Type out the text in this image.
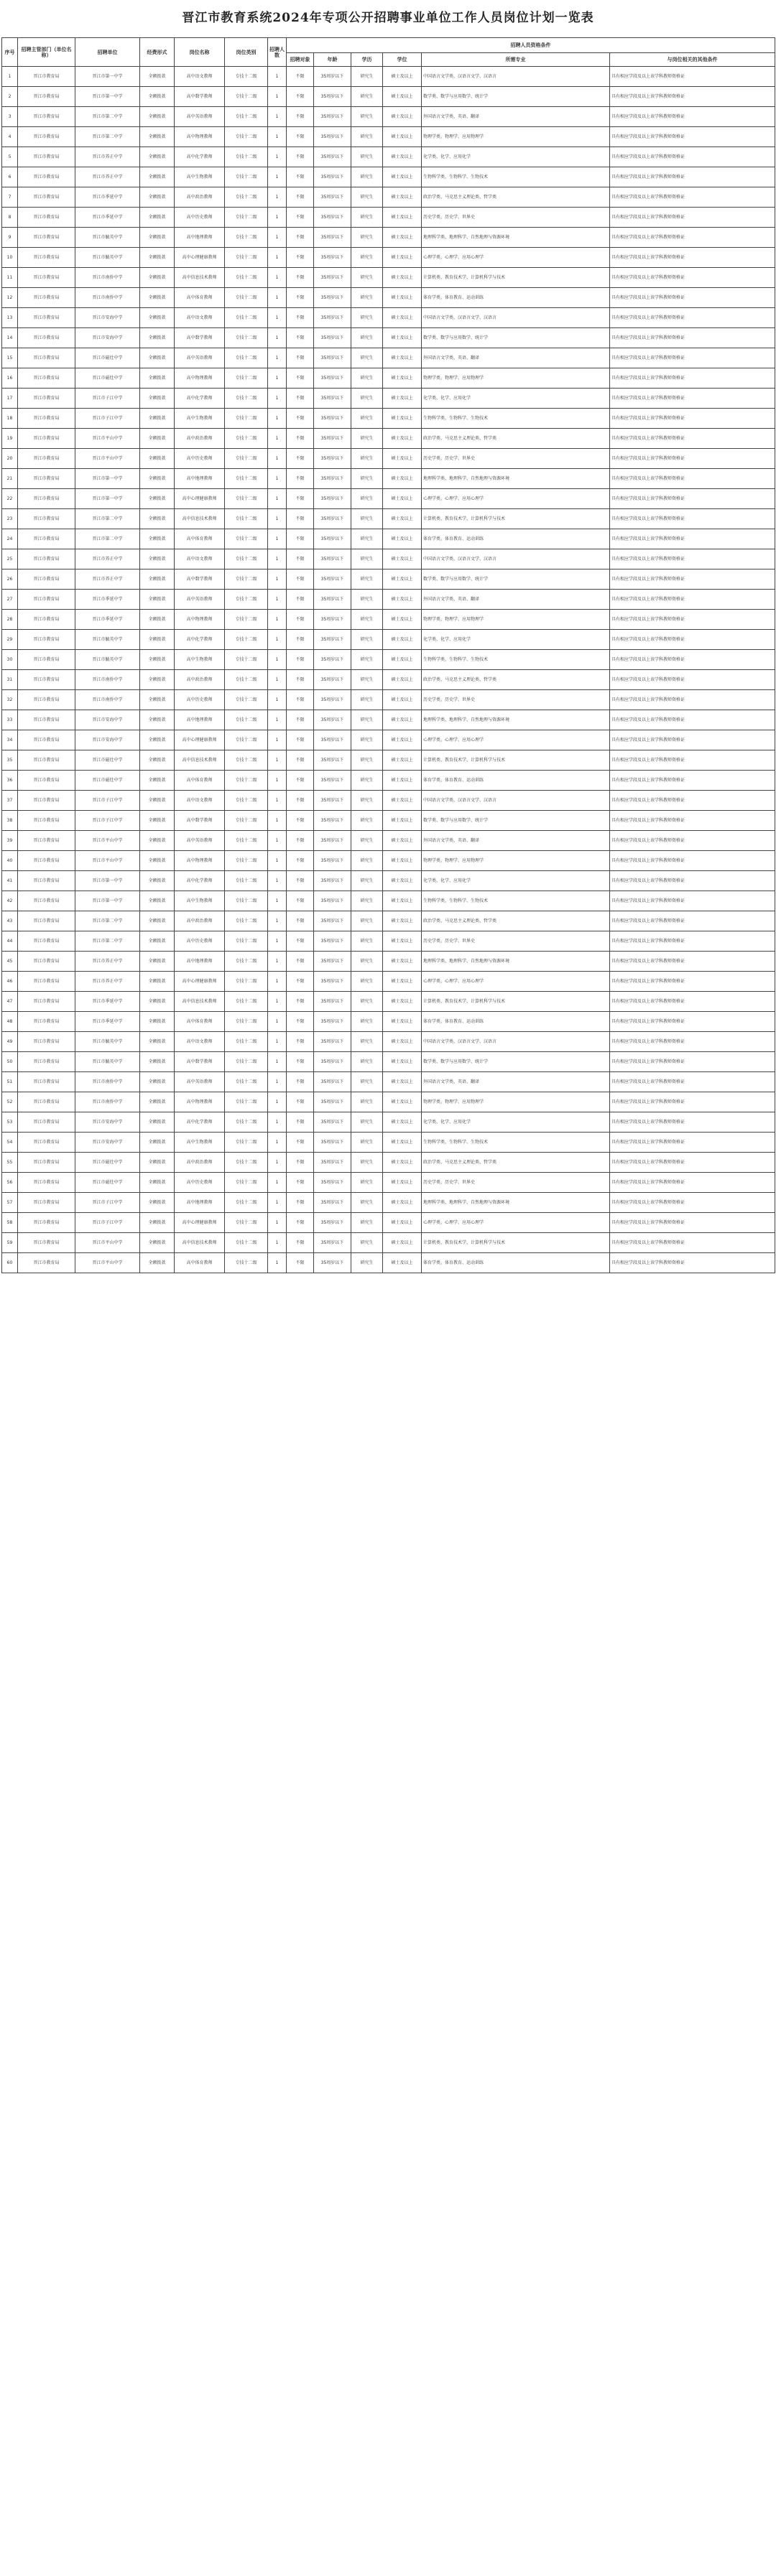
晋江市教育系统2024年专项公开招聘事业单位工作人员岗位计划一览表
序号	招聘主管部门（单位名称）	招聘单位	经费形式	岗位名称	岗位类别	招聘人数	招聘人员资格条件					
							招聘对象	年龄	学历	学位	所需专业	与岗位相关的其他条件
1	晋江市教育局	晋江市第一中学	全额拨款	高中语文教师	专技十二级	1	不限	35周岁以下	研究生	硕士及以上	中国语言文学类、汉语言文学、汉语言	具有相应学段及以上该学科教师资格证
2	晋江市教育局	晋江市第一中学	全额拨款	高中数学教师	专技十二级	1	不限	35周岁以下	研究生	硕士及以上	数学类、数学与应用数学、统计学	具有相应学段及以上该学科教师资格证
3	晋江市教育局	晋江市第二中学	全额拨款	高中英语教师	专技十二级	1	不限	35周岁以下	研究生	硕士及以上	外国语言文学类、英语、翻译	具有相应学段及以上该学科教师资格证
4	晋江市教育局	晋江市第二中学	全额拨款	高中物理教师	专技十二级	1	不限	35周岁以下	研究生	硕士及以上	物理学类、物理学、应用物理学	具有相应学段及以上该学科教师资格证
5	晋江市教育局	晋江市养正中学	全额拨款	高中化学教师	专技十二级	1	不限	35周岁以下	研究生	硕士及以上	化学类、化学、应用化学	具有相应学段及以上该学科教师资格证
6	晋江市教育局	晋江市养正中学	全额拨款	高中生物教师	专技十二级	1	不限	35周岁以下	研究生	硕士及以上	生物科学类、生物科学、生物技术	具有相应学段及以上该学科教师资格证
7	晋江市教育局	晋江市季延中学	全额拨款	高中政治教师	专技十二级	1	不限	35周岁以下	研究生	硕士及以上	政治学类、马克思主义理论类、哲学类	具有相应学段及以上该学科教师资格证
8	晋江市教育局	晋江市季延中学	全额拨款	高中历史教师	专技十二级	1	不限	35周岁以下	研究生	硕士及以上	历史学类、历史学、世界史	具有相应学段及以上该学科教师资格证
9	晋江市教育局	晋江市毓英中学	全额拨款	高中地理教师	专技十二级	1	不限	35周岁以下	研究生	硕士及以上	地理科学类、地理科学、自然地理与资源环境	具有相应学段及以上该学科教师资格证
10	晋江市教育局	晋江市毓英中学	全额拨款	高中心理健康教师	专技十二级	1	不限	35周岁以下	研究生	硕士及以上	心理学类、心理学、应用心理学	具有相应学段及以上该学科教师资格证
11	晋江市教育局	晋江市南侨中学	全额拨款	高中信息技术教师	专技十二级	1	不限	35周岁以下	研究生	硕士及以上	计算机类、教育技术学、计算机科学与技术	具有相应学段及以上该学科教师资格证
12	晋江市教育局	晋江市南侨中学	全额拨款	高中体育教师	专技十二级	1	不限	35周岁以下	研究生	硕士及以上	体育学类、体育教育、运动训练	具有相应学段及以上该学科教师资格证
13	晋江市教育局	晋江市安海中学	全额拨款	高中语文教师	专技十二级	1	不限	35周岁以下	研究生	硕士及以上	中国语言文学类、汉语言文学、汉语言	具有相应学段及以上该学科教师资格证
14	晋江市教育局	晋江市安海中学	全额拨款	高中数学教师	专技十二级	1	不限	35周岁以下	研究生	硕士及以上	数学类、数学与应用数学、统计学	具有相应学段及以上该学科教师资格证
15	晋江市教育局	晋江市磁灶中学	全额拨款	高中英语教师	专技十二级	1	不限	35周岁以下	研究生	硕士及以上	外国语言文学类、英语、翻译	具有相应学段及以上该学科教师资格证
16	晋江市教育局	晋江市磁灶中学	全额拨款	高中物理教师	专技十二级	1	不限	35周岁以下	研究生	硕士及以上	物理学类、物理学、应用物理学	具有相应学段及以上该学科教师资格证
17	晋江市教育局	晋江市子江中学	全额拨款	高中化学教师	专技十二级	1	不限	35周岁以下	研究生	硕士及以上	化学类、化学、应用化学	具有相应学段及以上该学科教师资格证
18	晋江市教育局	晋江市子江中学	全额拨款	高中生物教师	专技十二级	1	不限	35周岁以下	研究生	硕士及以上	生物科学类、生物科学、生物技术	具有相应学段及以上该学科教师资格证
19	晋江市教育局	晋江市平山中学	全额拨款	高中政治教师	专技十二级	1	不限	35周岁以下	研究生	硕士及以上	政治学类、马克思主义理论类、哲学类	具有相应学段及以上该学科教师资格证
20	晋江市教育局	晋江市平山中学	全额拨款	高中历史教师	专技十二级	1	不限	35周岁以下	研究生	硕士及以上	历史学类、历史学、世界史	具有相应学段及以上该学科教师资格证
21	晋江市教育局	晋江市第一中学	全额拨款	高中地理教师	专技十二级	1	不限	35周岁以下	研究生	硕士及以上	地理科学类、地理科学、自然地理与资源环境	具有相应学段及以上该学科教师资格证
22	晋江市教育局	晋江市第一中学	全额拨款	高中心理健康教师	专技十二级	1	不限	35周岁以下	研究生	硕士及以上	心理学类、心理学、应用心理学	具有相应学段及以上该学科教师资格证
23	晋江市教育局	晋江市第二中学	全额拨款	高中信息技术教师	专技十二级	1	不限	35周岁以下	研究生	硕士及以上	计算机类、教育技术学、计算机科学与技术	具有相应学段及以上该学科教师资格证
24	晋江市教育局	晋江市第二中学	全额拨款	高中体育教师	专技十二级	1	不限	35周岁以下	研究生	硕士及以上	体育学类、体育教育、运动训练	具有相应学段及以上该学科教师资格证
25	晋江市教育局	晋江市养正中学	全额拨款	高中语文教师	专技十二级	1	不限	35周岁以下	研究生	硕士及以上	中国语言文学类、汉语言文学、汉语言	具有相应学段及以上该学科教师资格证
26	晋江市教育局	晋江市养正中学	全额拨款	高中数学教师	专技十二级	1	不限	35周岁以下	研究生	硕士及以上	数学类、数学与应用数学、统计学	具有相应学段及以上该学科教师资格证
27	晋江市教育局	晋江市季延中学	全额拨款	高中英语教师	专技十二级	1	不限	35周岁以下	研究生	硕士及以上	外国语言文学类、英语、翻译	具有相应学段及以上该学科教师资格证
28	晋江市教育局	晋江市季延中学	全额拨款	高中物理教师	专技十二级	1	不限	35周岁以下	研究生	硕士及以上	物理学类、物理学、应用物理学	具有相应学段及以上该学科教师资格证
29	晋江市教育局	晋江市毓英中学	全额拨款	高中化学教师	专技十二级	1	不限	35周岁以下	研究生	硕士及以上	化学类、化学、应用化学	具有相应学段及以上该学科教师资格证
30	晋江市教育局	晋江市毓英中学	全额拨款	高中生物教师	专技十二级	1	不限	35周岁以下	研究生	硕士及以上	生物科学类、生物科学、生物技术	具有相应学段及以上该学科教师资格证
31	晋江市教育局	晋江市南侨中学	全额拨款	高中政治教师	专技十二级	1	不限	35周岁以下	研究生	硕士及以上	政治学类、马克思主义理论类、哲学类	具有相应学段及以上该学科教师资格证
32	晋江市教育局	晋江市南侨中学	全额拨款	高中历史教师	专技十二级	1	不限	35周岁以下	研究生	硕士及以上	历史学类、历史学、世界史	具有相应学段及以上该学科教师资格证
33	晋江市教育局	晋江市安海中学	全额拨款	高中地理教师	专技十二级	1	不限	35周岁以下	研究生	硕士及以上	地理科学类、地理科学、自然地理与资源环境	具有相应学段及以上该学科教师资格证
34	晋江市教育局	晋江市安海中学	全额拨款	高中心理健康教师	专技十二级	1	不限	35周岁以下	研究生	硕士及以上	心理学类、心理学、应用心理学	具有相应学段及以上该学科教师资格证
35	晋江市教育局	晋江市磁灶中学	全额拨款	高中信息技术教师	专技十二级	1	不限	35周岁以下	研究生	硕士及以上	计算机类、教育技术学、计算机科学与技术	具有相应学段及以上该学科教师资格证
36	晋江市教育局	晋江市磁灶中学	全额拨款	高中体育教师	专技十二级	1	不限	35周岁以下	研究生	硕士及以上	体育学类、体育教育、运动训练	具有相应学段及以上该学科教师资格证
37	晋江市教育局	晋江市子江中学	全额拨款	高中语文教师	专技十二级	1	不限	35周岁以下	研究生	硕士及以上	中国语言文学类、汉语言文学、汉语言	具有相应学段及以上该学科教师资格证
38	晋江市教育局	晋江市子江中学	全额拨款	高中数学教师	专技十二级	1	不限	35周岁以下	研究生	硕士及以上	数学类、数学与应用数学、统计学	具有相应学段及以上该学科教师资格证
39	晋江市教育局	晋江市平山中学	全额拨款	高中英语教师	专技十二级	1	不限	35周岁以下	研究生	硕士及以上	外国语言文学类、英语、翻译	具有相应学段及以上该学科教师资格证
40	晋江市教育局	晋江市平山中学	全额拨款	高中物理教师	专技十二级	1	不限	35周岁以下	研究生	硕士及以上	物理学类、物理学、应用物理学	具有相应学段及以上该学科教师资格证
41	晋江市教育局	晋江市第一中学	全额拨款	高中化学教师	专技十二级	1	不限	35周岁以下	研究生	硕士及以上	化学类、化学、应用化学	具有相应学段及以上该学科教师资格证
42	晋江市教育局	晋江市第一中学	全额拨款	高中生物教师	专技十二级	1	不限	35周岁以下	研究生	硕士及以上	生物科学类、生物科学、生物技术	具有相应学段及以上该学科教师资格证
43	晋江市教育局	晋江市第二中学	全额拨款	高中政治教师	专技十二级	1	不限	35周岁以下	研究生	硕士及以上	政治学类、马克思主义理论类、哲学类	具有相应学段及以上该学科教师资格证
44	晋江市教育局	晋江市第二中学	全额拨款	高中历史教师	专技十二级	1	不限	35周岁以下	研究生	硕士及以上	历史学类、历史学、世界史	具有相应学段及以上该学科教师资格证
45	晋江市教育局	晋江市养正中学	全额拨款	高中地理教师	专技十二级	1	不限	35周岁以下	研究生	硕士及以上	地理科学类、地理科学、自然地理与资源环境	具有相应学段及以上该学科教师资格证
46	晋江市教育局	晋江市养正中学	全额拨款	高中心理健康教师	专技十二级	1	不限	35周岁以下	研究生	硕士及以上	心理学类、心理学、应用心理学	具有相应学段及以上该学科教师资格证
47	晋江市教育局	晋江市季延中学	全额拨款	高中信息技术教师	专技十二级	1	不限	35周岁以下	研究生	硕士及以上	计算机类、教育技术学、计算机科学与技术	具有相应学段及以上该学科教师资格证
48	晋江市教育局	晋江市季延中学	全额拨款	高中体育教师	专技十二级	1	不限	35周岁以下	研究生	硕士及以上	体育学类、体育教育、运动训练	具有相应学段及以上该学科教师资格证
49	晋江市教育局	晋江市毓英中学	全额拨款	高中语文教师	专技十二级	1	不限	35周岁以下	研究生	硕士及以上	中国语言文学类、汉语言文学、汉语言	具有相应学段及以上该学科教师资格证
50	晋江市教育局	晋江市毓英中学	全额拨款	高中数学教师	专技十二级	1	不限	35周岁以下	研究生	硕士及以上	数学类、数学与应用数学、统计学	具有相应学段及以上该学科教师资格证
51	晋江市教育局	晋江市南侨中学	全额拨款	高中英语教师	专技十二级	1	不限	35周岁以下	研究生	硕士及以上	外国语言文学类、英语、翻译	具有相应学段及以上该学科教师资格证
52	晋江市教育局	晋江市南侨中学	全额拨款	高中物理教师	专技十二级	1	不限	35周岁以下	研究生	硕士及以上	物理学类、物理学、应用物理学	具有相应学段及以上该学科教师资格证
53	晋江市教育局	晋江市安海中学	全额拨款	高中化学教师	专技十二级	1	不限	35周岁以下	研究生	硕士及以上	化学类、化学、应用化学	具有相应学段及以上该学科教师资格证
54	晋江市教育局	晋江市安海中学	全额拨款	高中生物教师	专技十二级	1	不限	35周岁以下	研究生	硕士及以上	生物科学类、生物科学、生物技术	具有相应学段及以上该学科教师资格证
55	晋江市教育局	晋江市磁灶中学	全额拨款	高中政治教师	专技十二级	1	不限	35周岁以下	研究生	硕士及以上	政治学类、马克思主义理论类、哲学类	具有相应学段及以上该学科教师资格证
56	晋江市教育局	晋江市磁灶中学	全额拨款	高中历史教师	专技十二级	1	不限	35周岁以下	研究生	硕士及以上	历史学类、历史学、世界史	具有相应学段及以上该学科教师资格证
57	晋江市教育局	晋江市子江中学	全额拨款	高中地理教师	专技十二级	1	不限	35周岁以下	研究生	硕士及以上	地理科学类、地理科学、自然地理与资源环境	具有相应学段及以上该学科教师资格证
58	晋江市教育局	晋江市子江中学	全额拨款	高中心理健康教师	专技十二级	1	不限	35周岁以下	研究生	硕士及以上	心理学类、心理学、应用心理学	具有相应学段及以上该学科教师资格证
59	晋江市教育局	晋江市平山中学	全额拨款	高中信息技术教师	专技十二级	1	不限	35周岁以下	研究生	硕士及以上	计算机类、教育技术学、计算机科学与技术	具有相应学段及以上该学科教师资格证
60	晋江市教育局	晋江市平山中学	全额拨款	高中体育教师	专技十二级	1	不限	35周岁以下	研究生	硕士及以上	体育学类、体育教育、运动训练	具有相应学段及以上该学科教师资格证
